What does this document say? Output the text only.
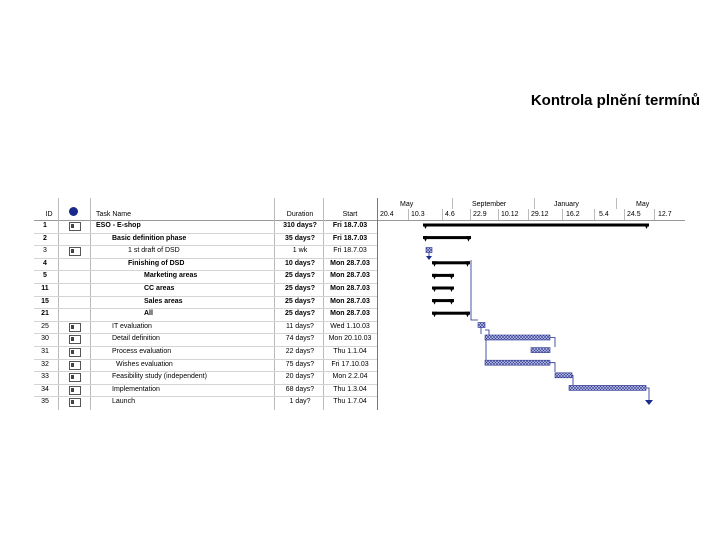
Kontrola plnění termínů
ID	Task Name	Duration	Start
May	September	January	May
20.4 10.3	4.6	22.9 10.12 29.12 16.2	5.4	24.5 12.7
1	ESO - E-shop	310 days?	Fri 18.7.03
2	Basic definition phase	35 days?	Fri 18.7.03
3	1 st draft of DSD	1 wk	Fri 18.7.03
4	Finishing of DSD	10 days?	Mon 28.7.03
5	Marketing areas	25 days?	Mon 28.7.03
11	CC areas	25 days?	Mon 28.7.03
15	Sales areas	25 days?	Mon 28.7.03
21	All	25 days?	Mon 28.7.03
25	IT evaluation	11 days?	Wed 1.10.03
30	Detail definition	74 days?	Mon 20.10.03
31	Process evaluation	22 days?	Thu 1.1.04
32	Wishes evaluation	75 days?	Fri 17.10.03
33	Feasibility study (independent)	20 days?	Mon 2.2.04
34	Implementation	68 days?	Thu 1.3.04
35	Launch	1 day?	Thu 1.7.04
